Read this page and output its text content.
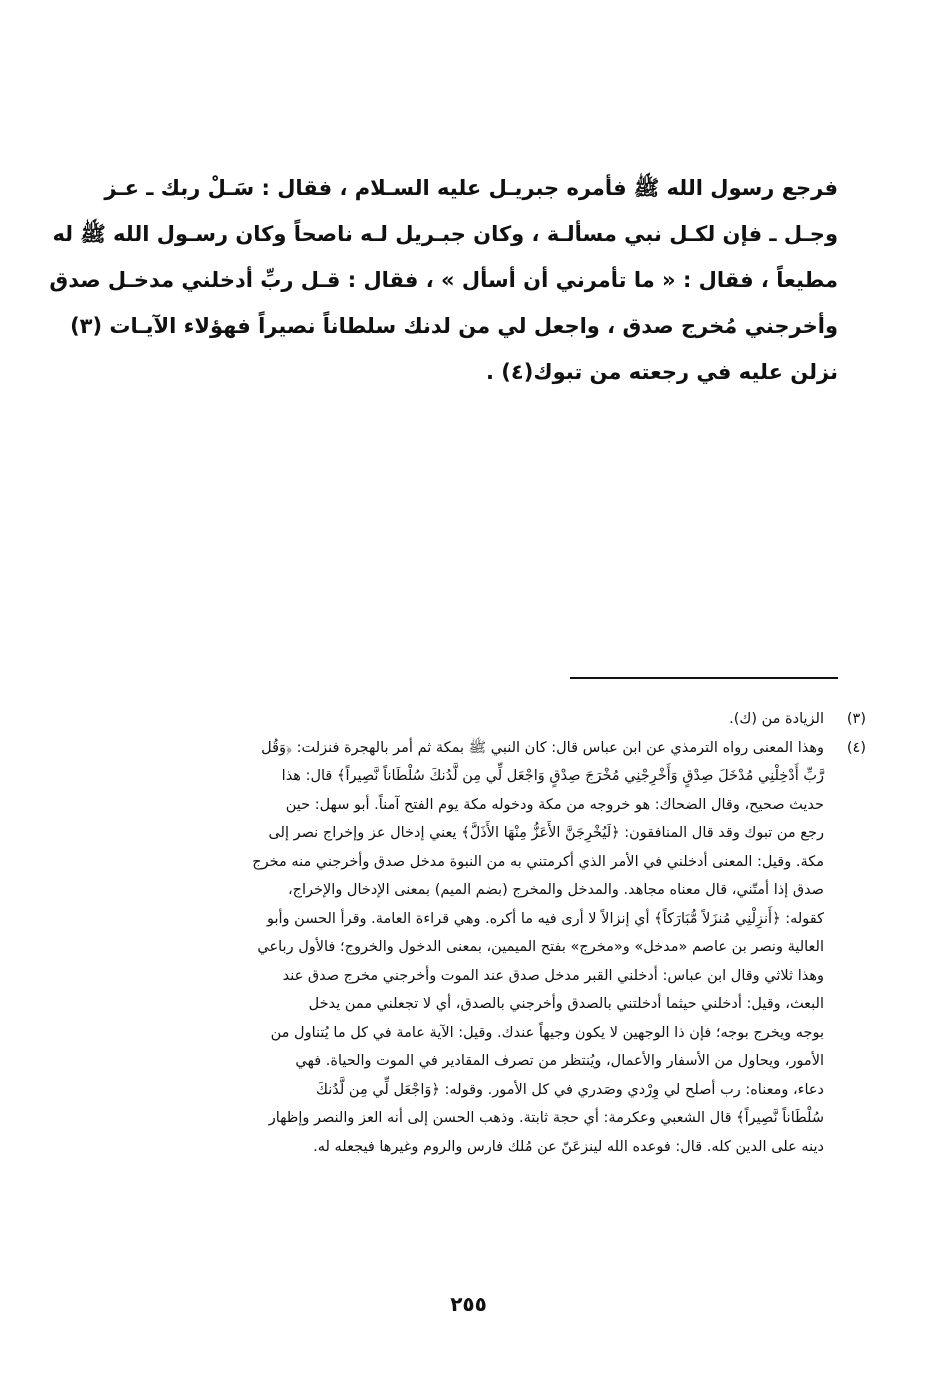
فرجع رسول الله ﷺ فأمره جبريـل عليه السـلام ، فقال : سَـلْ ربك ـ عـز
وجـل ـ فإن لكـل نبي مسألـة ، وكان جبـريل لـه ناصحاً وكان رسـول الله ﷺ له
مطيعاً ، فقال : « ما تأمرني أن أسأل » ، فقال : قـل ربِّ أدخلني مدخـل صدق
وأخرجني مُخرج صدق ، واجعل لي من لدنك سلطاناً نصيراً فهؤلاء الآيـات (٣)
نزلن عليه في رجعته من تبوك(٤) .
(٣)
الزيادة من (ك).
(٤)
وهذا المعنى رواه الترمذي عن ابن عباس قال: كان النبي ﷺ بمكة ثم أمر بالهجرة فنزلت: ﴿وَقُل
رَّبِّ أَدْخِلْنِي مُدْخَلَ صِدْقٍ وَأَخْرِجْنِي مُخْرَجَ صِدْقٍ وَاجْعَل لِّي مِن لَّدُنكَ سُلْطَاناً نَّصِيراً﴾ قال: هذا
حديث صحيح، وقال الضحاك: هو خروجه من مكة ودخوله مكة يوم الفتح آمناً. أبو سهل: حين
رجع من تبوك وقد قال المنافقون: ﴿لَيُخْرِجَنَّ الأَعَزُّ مِنْهَا الأَذَلَّ﴾ يعني إدخال عز وإخراج نصر إلى
مكة. وقيل: المعنى أدخلني في الأمر الذي أكرمتني به من النبوة مدخل صدق وأخرجني منه مخرج
صدق إذا أمتّني، قال معناه مجاهد. والمدخل والمخرج (بضم الميم) بمعنى الإدخال والإخراج،
كقوله: ﴿أَنزِلْنِي مُنزَلاً مُّبَارَكاً﴾ أي إنزالاً لا أرى فيه ما أكره. وهي قراءة العامة. وقرأ الحسن وأبو
العالية ونصر بن عاصم «مدخل» و«مخرج» بفتح الميمين، بمعنى الدخول والخروج؛ فالأول رباعي
وهذا ثلاثي وقال ابن عباس: أدخلني القبر مدخل صدق عند الموت وأخرجني مخرج صدق عند
البعث، وقيل: أدخلني حيثما أدخلتني بالصدق وأخرجني بالصدق، أي لا تجعلني ممن يدخل
بوجه ويخرج بوجه؛ فإن ذا الوجهين لا يكون وجيهاً عندك. وقيل: الآية عامة في كل ما يُتناول من
الأمور، ويحاول من الأسفار والأعمال، ويُنتظر من تصرف المقادير في الموت والحياة. فهي
دعاء، ومعناه: رب أصلح لي وِرْدي وصَدري في كل الأمور. وقوله: ﴿وَاجْعَل لِّي مِن لَّدُنكَ
سُلْطَاناً نَّصِيراً﴾ قال الشعبي وعكرمة: أي حجة ثابتة. وذهب الحسن إلى أنه العز والنصر وإظهار
دينه على الدين كله. قال: فوعده الله لينزعَنّ عن مُلك فارس والروم وغيرها فيجعله له.
٢٥٥
